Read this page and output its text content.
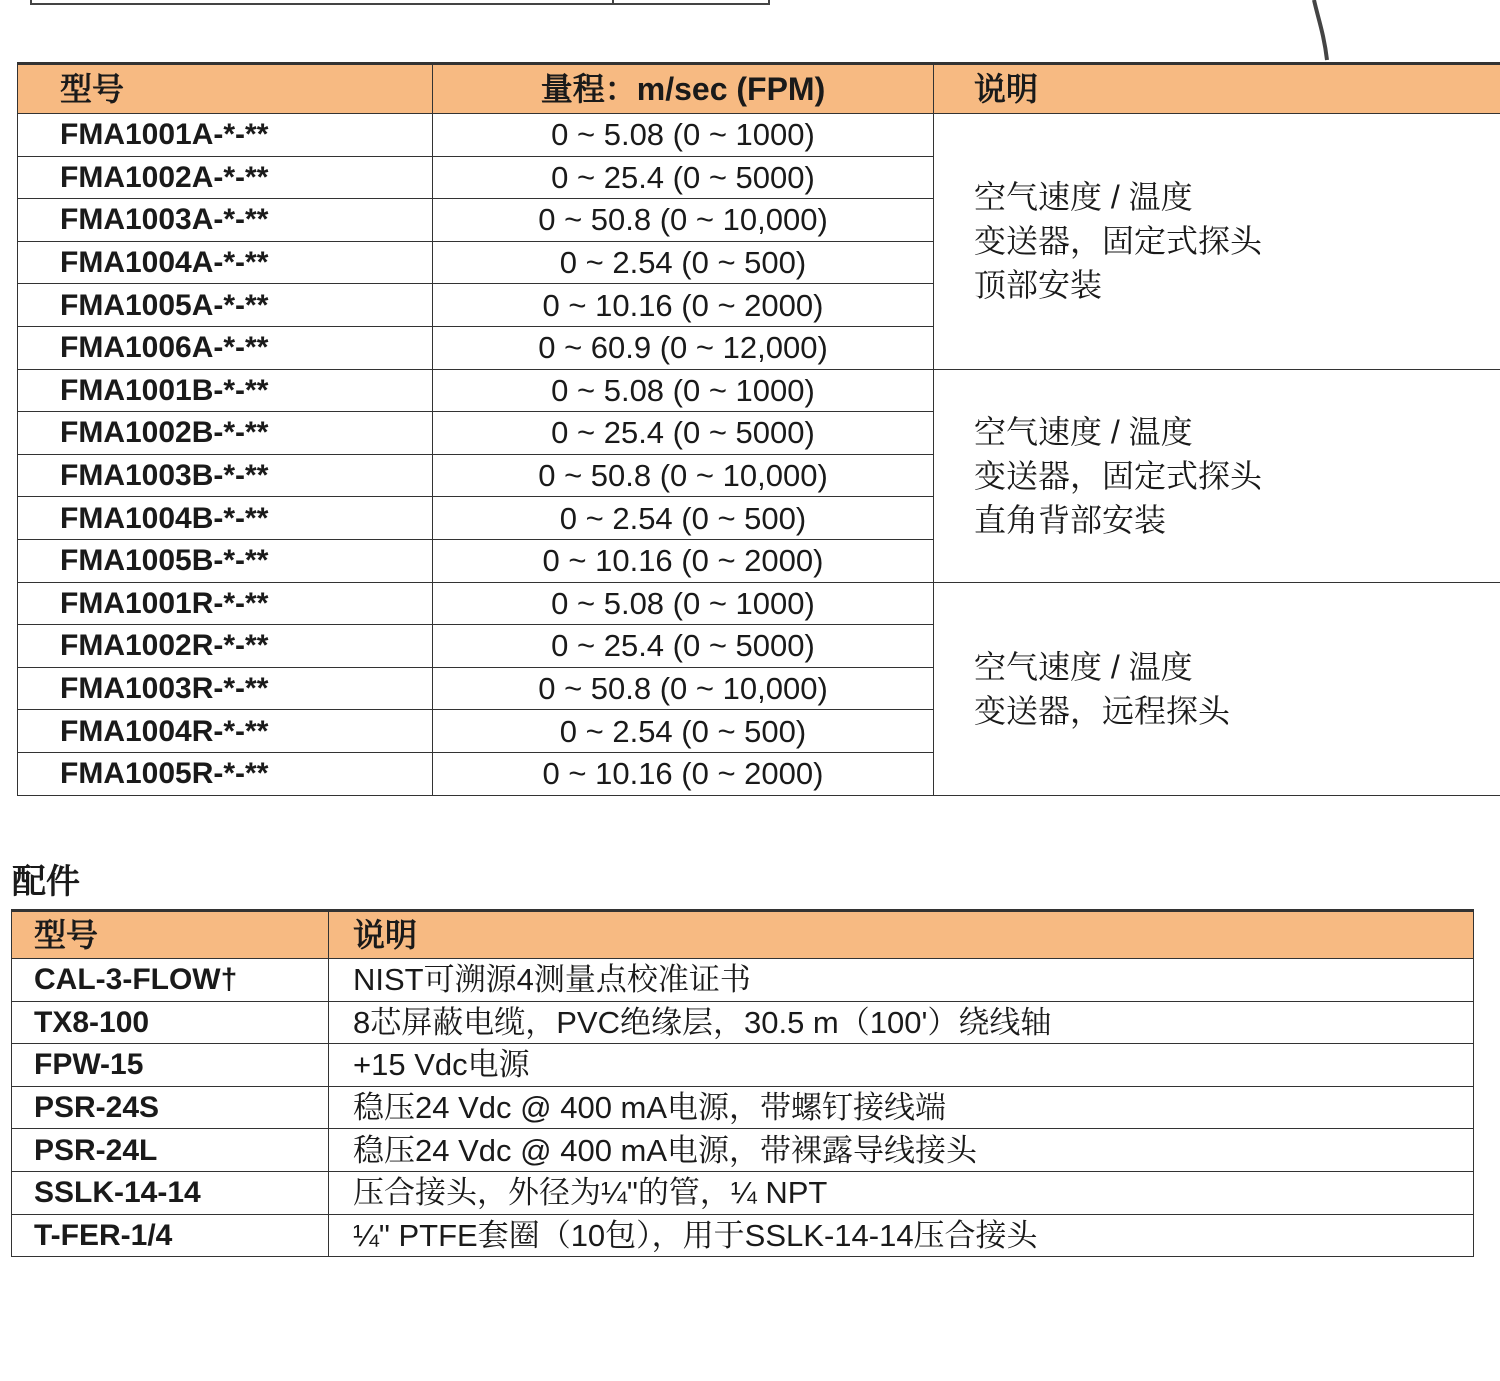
型号	量程：m/sec (FPM)	说明
FMA1001A-*-**	0 ~ 5.08 (0 ~ 1000)	空气速度 / 温度
变送器，固定式探头
顶部安装

FMA1002A-*-**	0 ~ 25.4 (0 ~ 5000)	
FMA1003A-*-**	0 ~ 50.8 (0 ~ 10,000)	
FMA1004A-*-**	0 ~ 2.54 (0 ~ 500)	
FMA1005A-*-**	0 ~ 10.16 (0 ~ 2000)	
FMA1006A-*-**	0 ~ 60.9 (0 ~ 12,000)	
FMA1001B-*-**	0 ~ 5.08 (0 ~ 1000)	空气速度 / 温度
变送器，固定式探头
直角背部安装

FMA1002B-*-**	0 ~ 25.4 (0 ~ 5000)	
FMA1003B-*-**	0 ~ 50.8 (0 ~ 10,000)	
FMA1004B-*-**	0 ~ 2.54 (0 ~ 500)	
FMA1005B-*-**	0 ~ 10.16 (0 ~ 2000)	
FMA1001R-*-**	0 ~ 5.08 (0 ~ 1000)	空气速度 / 温度
变送器，远程探头

FMA1002R-*-**	0 ~ 25.4 (0 ~ 5000)	
FMA1003R-*-**	0 ~ 50.8 (0 ~ 10,000)	
FMA1004R-*-**	0 ~ 2.54 (0 ~ 500)	
FMA1005R-*-**	0 ~ 10.16 (0 ~ 2000)	
配件
型号	说明
CAL-3-FLOW†	NIST可溯源4测量点校准证书
TX8-100	8芯屏蔽电缆，PVC绝缘层，30.5 m（100'）绕线轴
FPW-15	+15 Vdc电源
PSR-24S	稳压24 Vdc @ 400 mA电源，带螺钉接线端
PSR-24L	稳压24 Vdc @ 400 mA电源，带裸露导线接头
SSLK-14-14	压合接头，外径为¼"的管，¼ NPT
T-FER-1/4	¼" PTFE套圈（10包），用于SSLK-14-14压合接头
